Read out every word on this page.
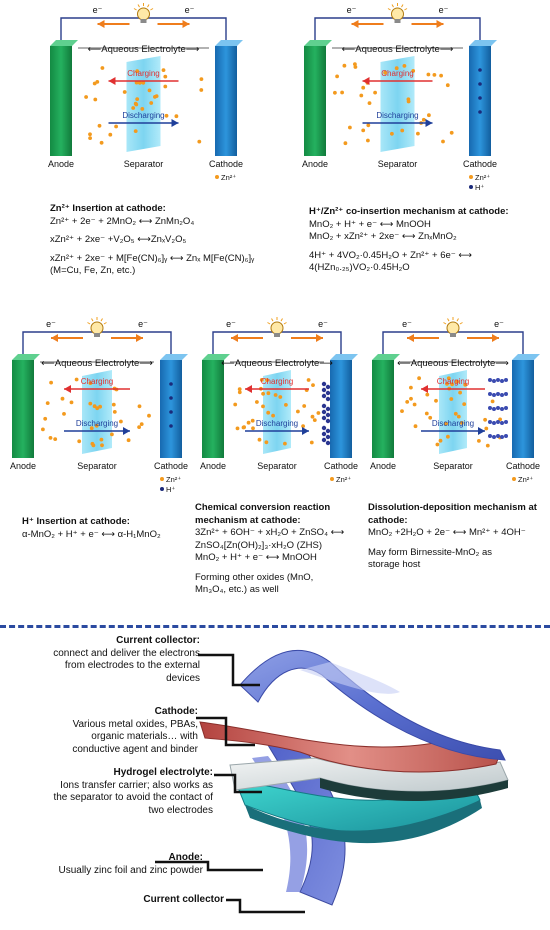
e⁻	e⁻
⟵Aqueous Electrolyte⟶
Charging
Discharging
Anode	Separator	Cathode
Zn²⁺
e⁻	e⁻
⟵Aqueous Electrolyte⟶
Charging
Discharging
Anode	Separator	Cathode
Zn²⁺
H⁺
e⁻	e⁻
⟵Aqueous Electrolyte⟶
Charging
Discharging
Anode	Separator	Cathode
Zn²⁺
H⁺
e⁻	e⁻
⟵Aqueous Electrolyte⟶
Charging
Discharging
Anode	Separator	Cathode
Zn²⁺
e⁻	e⁻
⟵Aqueous Electrolyte⟶
Charging
Discharging
Anode	Separator	Cathode
Zn²⁺
Zn²⁺ Insertion at cathode:
Zn²⁺ + 2e⁻ + 2MnO₂ ⟷ ZnMn₂O₄
xZn²⁺ + 2xe⁻ +V₂O₅ ⟷ZnₓV₂O₅
xZn²⁺ + 2xe⁻ + M[Fe(CN)₆]ᵧ ⟷ Znₓ M[Fe(CN)₆]ᵧ
(M=Cu, Fe, Zn, etc.)
H⁺/Zn²⁺ co-insertion mechanism at cathode:
MnO₂ + H⁺ + e⁻ ⟷ MnOOH
MnO₂ + xZn²⁺ + 2xe⁻ ⟷ ZnₓMnO₂
4H⁺ + 4VO₂·0.45H₂O + Zn²⁺ + 6e⁻ ⟷
4(HZn₀.₂₅)VO₂·0.45H₂O
H⁺ Insertion at cathode:
α-MnO₂ + H⁺ + e⁻ ⟷ α-H₁MnO₂
Chemical conversion reaction mechanism at cathode:
3Zn²⁺ + 6OH⁻ + xH₂O + ZnSO₄ ⟷
ZnSO₄[Zn(OH)₂]₃·xH₂O (ZHS)
MnO₂ + H⁺ + e⁻ ⟷ MnOOH
Forming other oxides (MnO,
Mn₃O₄, etc.) as well
Dissolution-deposition mechanism at cathode:
MnO₂ +2H₂O + 2e⁻ ⟷ Mn²⁺ + 4OH⁻
May form Birnessite-MnO₂ as
storage host
Current collector:
connect and deliver the electrons from electrodes to the external devices
Cathode:
Various metal oxides, PBAs, organic materials… with conductive agent and binder
Hydrogel electrolyte:
Ions transfer carrier; also works as the separator to avoid the contact of two electrodes
Anode:
Usually zinc foil and zinc powder
Current collector
